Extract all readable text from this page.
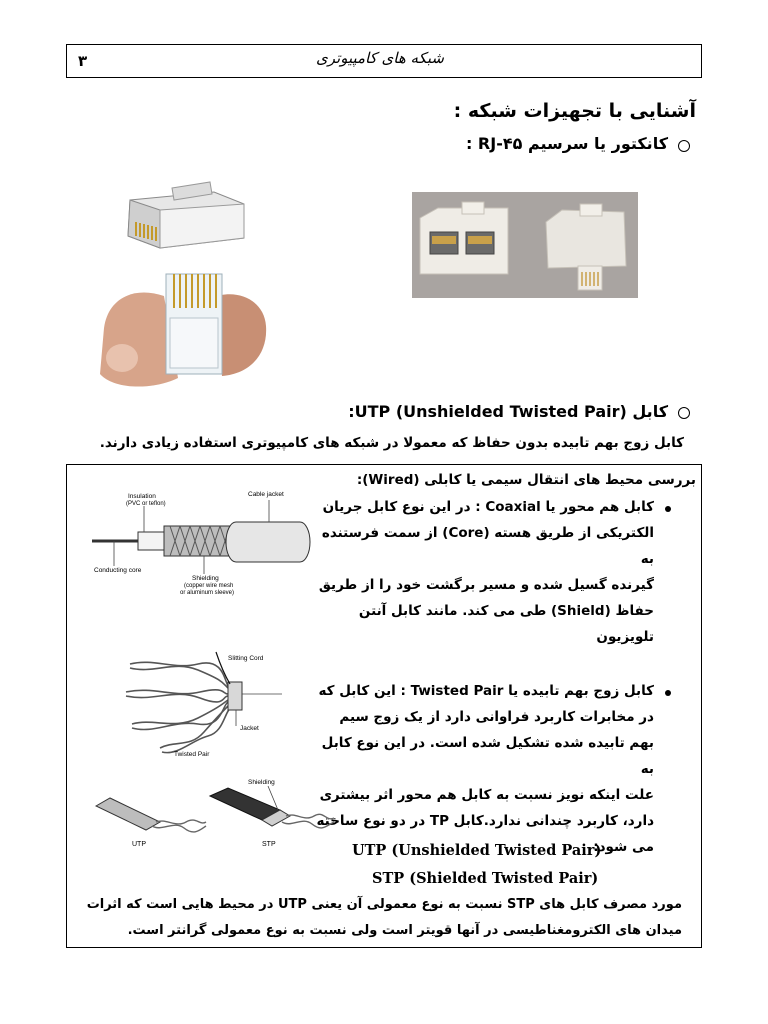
۳	شبکه های کامپیوتری
آشنایی با تجهیزات شبکه :
کانکتور یا سرسیم RJ-۴۵ :
کابل UTP (Unshielded Twisted Pair):
کابل زوج بهم تابیده بدون حفاظ که معمولا در شبکه های کامپیوتری استفاده زیادی دارند.
بررسی محیط های انتقال سیمی یا کابلی (Wired):
کابل هم محور یا Coaxial : در این نوع کابل جریان
الکتریکی از طریق هسته (Core) از سمت فرستنده به
گیرنده گسیل شده و مسیر برگشت خود را از طریق
حفاظ (Shield) طی می کند. مانند کابل آنتن
تلویزیون
Insulation
(PVC or teflon)
Cable jacket
Conducting core
Shielding
(copper wire mesh
or aluminum sleeve)
کابل زوج بهم تابیده یا Twisted Pair : این کابل که
در مخابرات کاربرد فراوانی دارد از یک زوج سیم
بهم تابیده شده تشکیل شده است. در این نوع کابل به
علت اینکه نویز نسبت به کابل هم محور اثر بیشتری
دارد، کاربرد چندانی ندارد.کابل TP در دو نوع ساخته
می شود:
Slitting Cord
Jacket
Twisted Pair
Shielding
UTP	STP	UTP (Unshielded Twisted Pair)
STP (Shielded Twisted Pair)
مورد مصرف کابل های STP نسبت به نوع معمولی آن یعنی UTP در محیط هایی است که اثرات
میدان های الکترومغناطیسی در آنها قویتر است ولی نسبت به نوع معمولی گرانتر است.
